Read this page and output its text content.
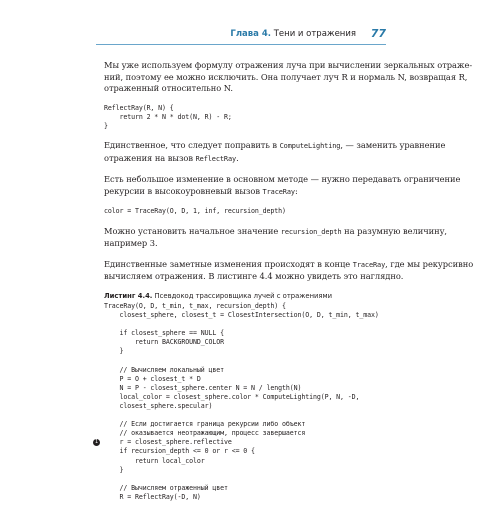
Глава 4. Тени и отражения 77

Мы уже используем формулу отражения луча при вычислении зеркальных отраже-

ний, поэтому ее можно исключить. Она получает луч R и нормаль N, возвращая R,

отраженный относительно N.

ReflectRay(R, N) {
return 2 * N * dot(N, R) - R;
}

Единственное, что следует поправить в ComputeLighting, — заменить уравнение

отражения на вызов ReflectRay.

Есть небольшое изменение в основном методе — нужно передавать ограничение

рекурсии в высокоуровневый вызов TraceRay:

color = TraceRay(O, D, 1, inf, recursion_depth)

Можно установить начальное значение recursion_depth на разумную величину,

например 3.

Единственные заметные изменения происходят в конце TraceRay, где мы рекурсивно

вычисляем отражения. В листинге 4.4 можно увидеть это наглядно.

Листинг 4.4. Псевдокод трассировщика лучей с отражениями
TraceRay(O, D, t_min, t_max, recursion_depth) {
closest_sphere, closest_t = ClosestIntersection(O, D, t_min, t_max)
if closest_sphere == NULL {
return BACKGROUND_COLOR
}
// Вычисляем локальный цвет
P = O + closest_t * D
N = P - closest_sphere.center N = N / length(N)
local_color = closest_sphere.color * ComputeLighting(P, N, -D,
closest_sphere.specular)
// Если достигается граница рекурсии либо объект
// оказывается неотражающим, процесс завершается
1 r = closest_sphere.reflective
if recursion_depth <= 0 or r <= 0 {
return local_color
}
// Вычисляем отраженный цвет
R = ReflectRay(-D, N)
